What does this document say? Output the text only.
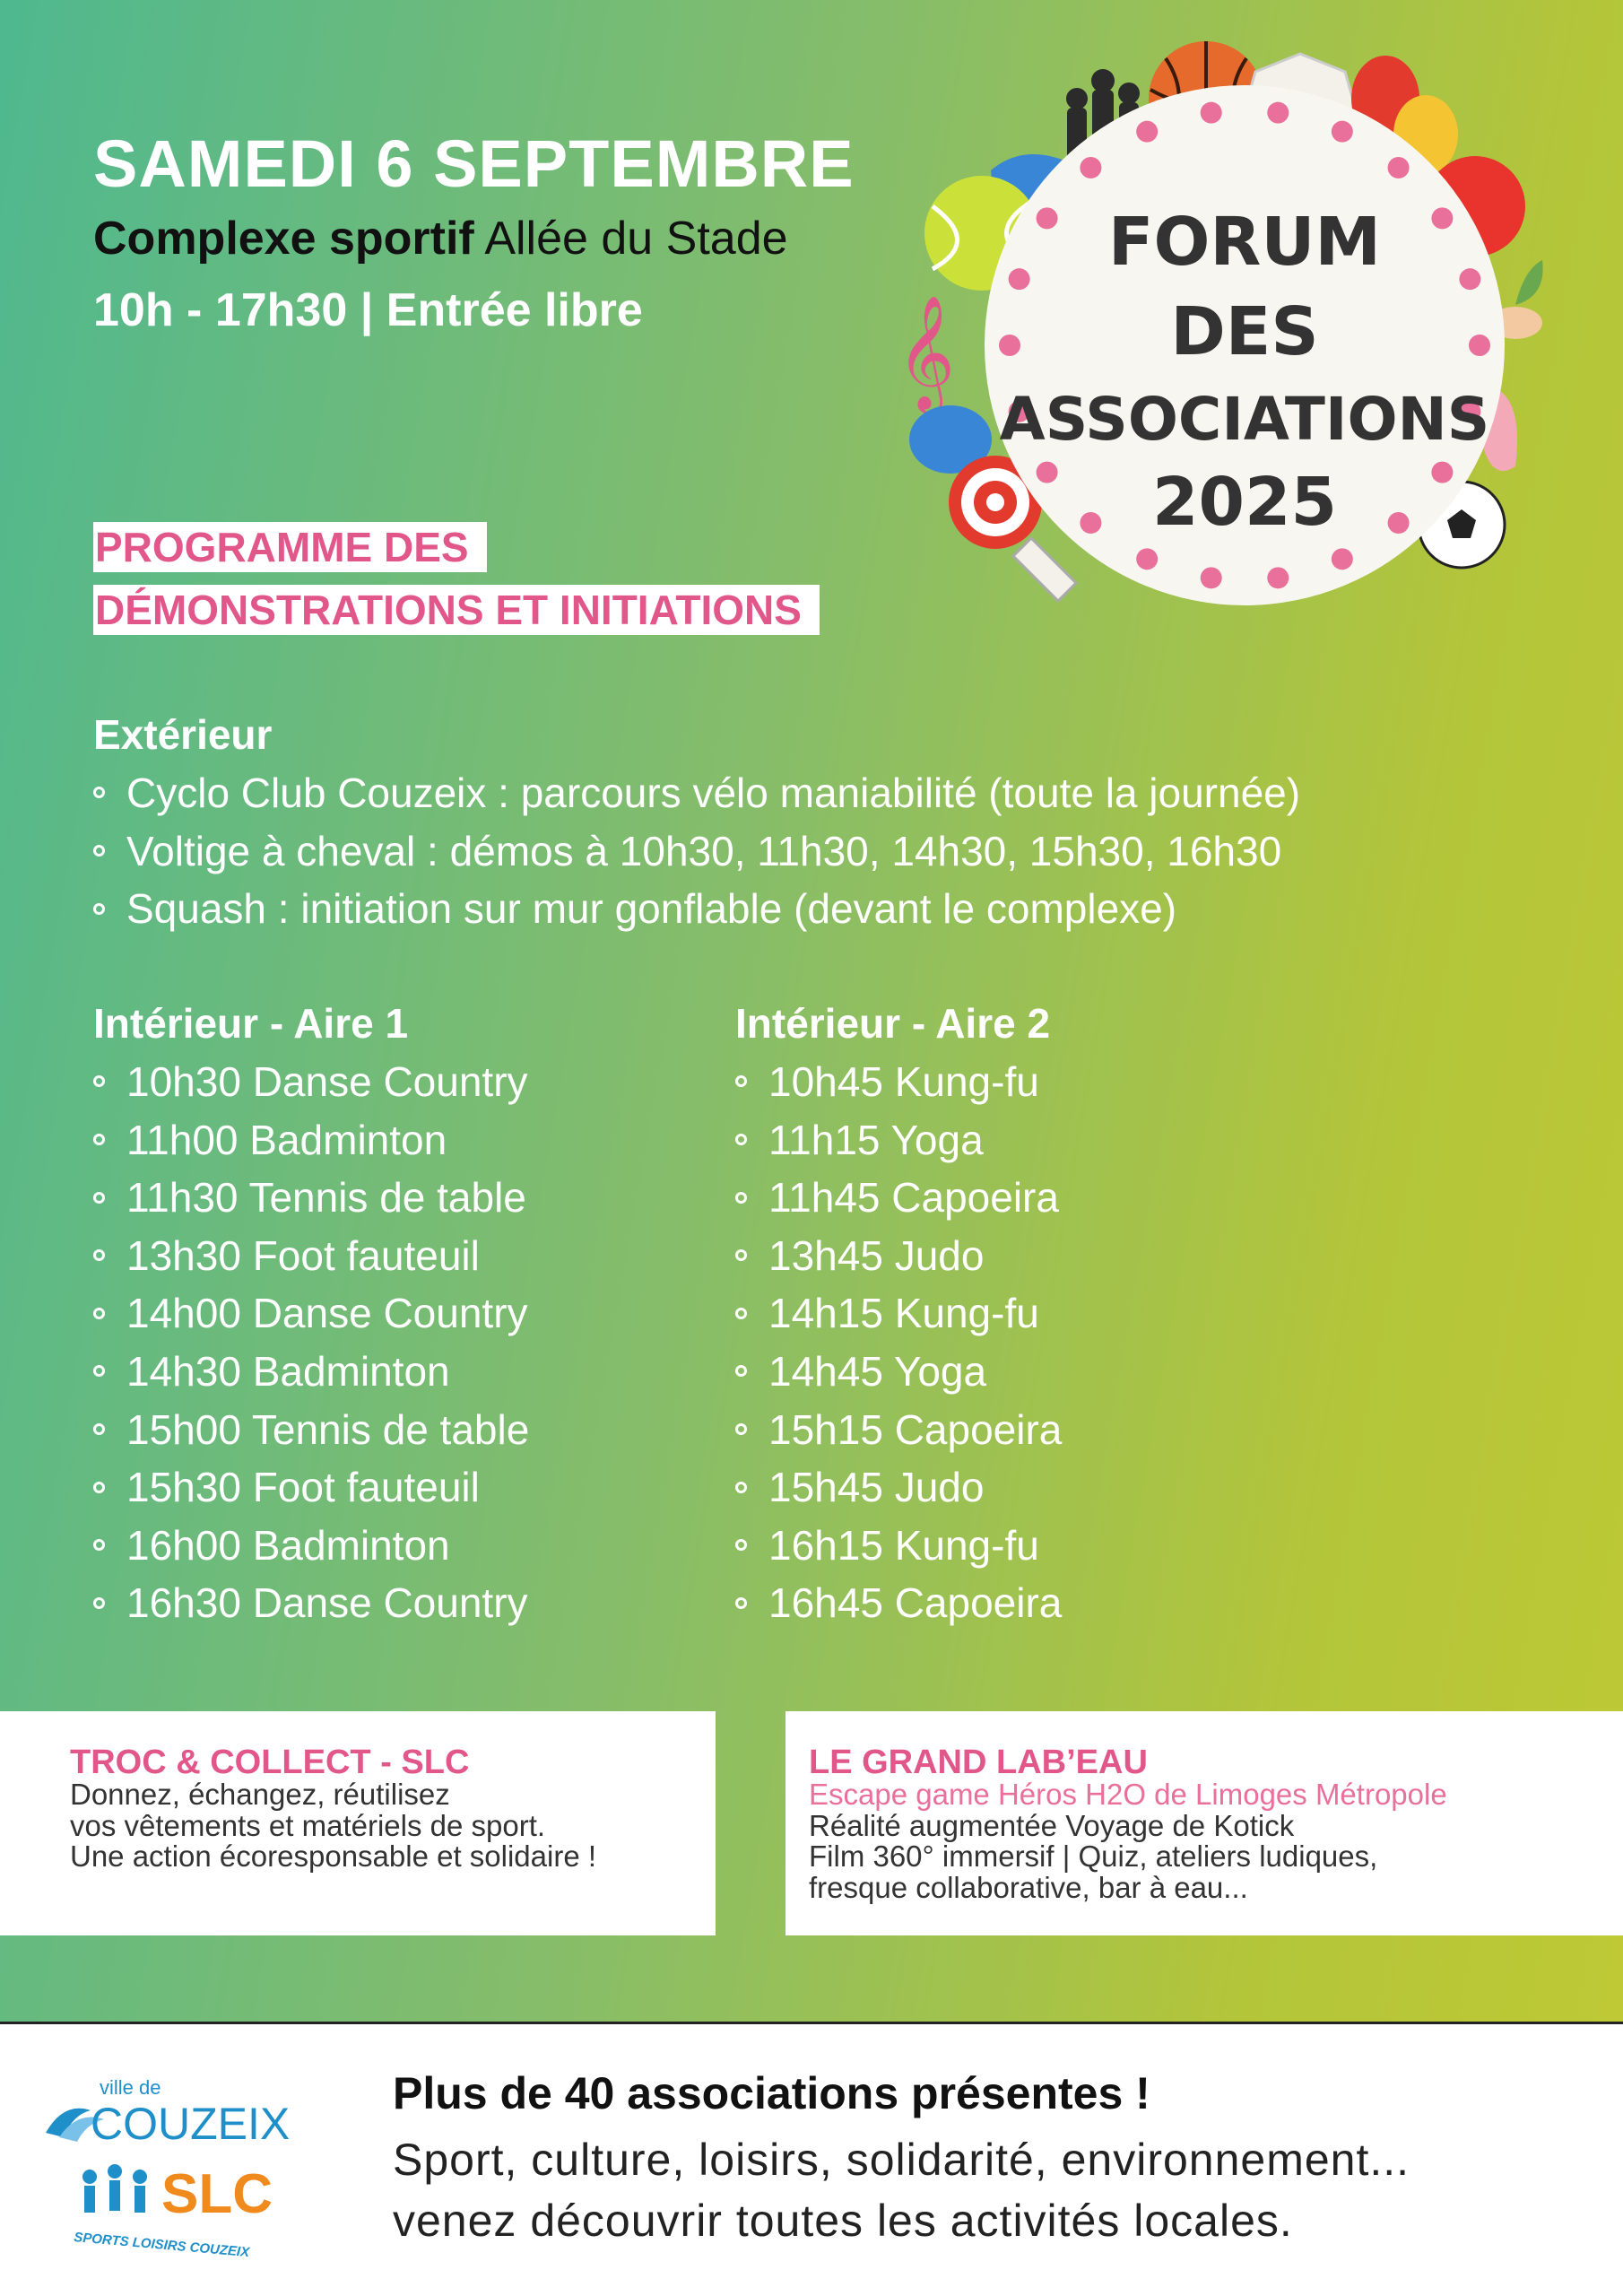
SAMEDI 6 SEPTEMBRE
Complexe sportif Allée du Stade
10h - 17h30 | Entrée libre	𝄞
FORUM
DES
ASSOCIATIONS
2025
PROGRAMME DES
DÉMONSTRATIONS ET INITIATIONS
Extérieur
Cyclo Club Couzeix : parcours vélo maniabilité (toute la journée)
Voltige à cheval : démos à 10h30, 11h30, 14h30, 15h30, 16h30
Squash : initiation sur mur gonflable (devant le complexe)
Intérieur - Aire 1
10h30 Danse Country
11h00 Badminton
11h30 Tennis de table
13h30 Foot fauteuil
14h00 Danse Country
14h30 Badminton
15h00 Tennis de table
15h30 Foot fauteuil
16h00 Badminton
16h30 Danse Country
Intérieur - Aire 2
10h45 Kung-fu
11h15 Yoga
11h45 Capoeira
13h45 Judo
14h15 Kung-fu
14h45 Yoga
15h15 Capoeira
15h45 Judo
16h15 Kung-fu
16h45 Capoeira
TROC & COLLECT - SLC
Donnez, échangez, réutilisez
vos vêtements et matériels de sport.
Une action écoresponsable et solidaire !
LE GRAND LAB’EAU
Escape game Héros H2O de Limoges Métropole
Réalité augmentée Voyage de Kotick
Film 360° immersif | Quiz, ateliers ludiques,
fresque collaborative, bar à eau...
ville de
COUZEIX
SLC
SPORTS LOISIRS COUZEIX
Plus de 40 associations présentes !
Sport, culture, loisirs, solidarité, environnement...
venez découvrir toutes les activités locales.
